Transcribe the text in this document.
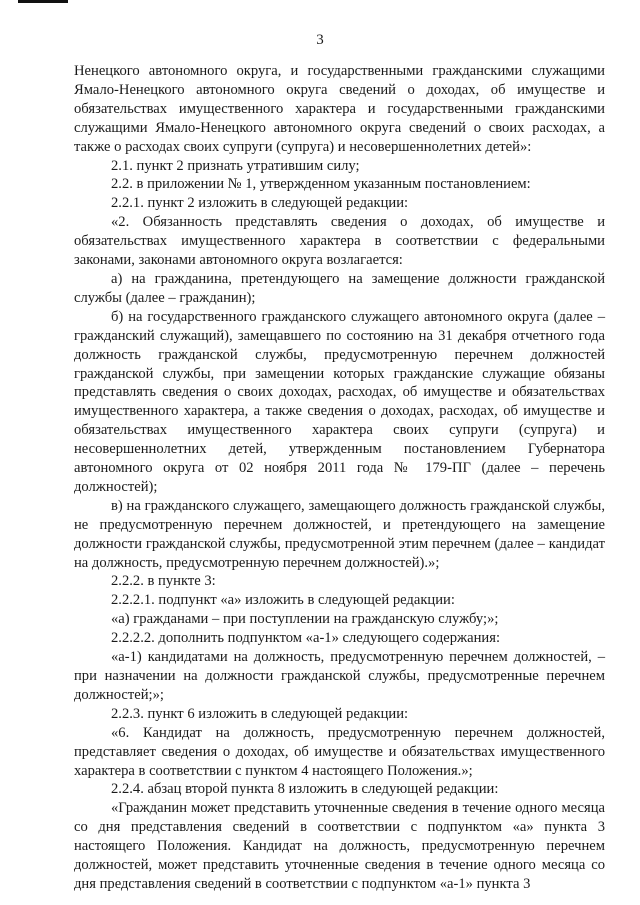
3

Ненецкого автономного округа, и государственными гражданскими служащими Ямало-Ненецкого автономного округа сведений о доходах, об имуществе и обязательствах имущественного характера и государственными гражданскими служащими Ямало-Ненецкого автономного округа сведений о своих расходах, а также о расходах своих супруги (супруга) и несовершеннолетних детей»:

2.1. пункт 2 признать утратившим силу;

2.2. в приложении № 1, утвержденном указанным постановлением:

2.2.1. пункт 2 изложить в следующей редакции:

«2. Обязанность представлять сведения о доходах, об имуществе и обязательствах имущественного характера в соответствии с федеральными законами, законами автономного округа возлагается:

а) на гражданина, претендующего на замещение должности гражданской службы (далее – гражданин);

б) на государственного гражданского служащего автономного округа (далее – гражданский служащий), замещавшего по состоянию на 31 декабря отчетного года должность гражданской службы, предусмотренную перечнем должностей гражданской службы, при замещении которых гражданские служащие обязаны представлять сведения о своих доходах, расходах, об имуществе и обязательствах имущественного характера, а также сведения о доходах, расходах, об имуществе и обязательствах имущественного характера своих супруги (супруга) и несовершеннолетних детей, утвержденным постановлением Губернатора автономного округа от 02 ноября 2011 года № 179-ПГ (далее – перечень должностей);

в) на гражданского служащего, замещающего должность гражданской службы, не предусмотренную перечнем должностей, и претендующего на замещение должности гражданской службы, предусмотренной этим перечнем (далее – кандидат на должность, предусмотренную перечнем должностей).»;

2.2.2. в пункте 3:

2.2.2.1. подпункт «а» изложить в следующей редакции:

«а) гражданами – при поступлении на гражданскую службу;»;

2.2.2.2. дополнить подпунктом «а-1» следующего содержания:

«а-1) кандидатами на должность, предусмотренную перечнем должностей, – при назначении на должности гражданской службы, предусмотренные перечнем должностей;»;

2.2.3. пункт 6 изложить в следующей редакции:

«6. Кандидат на должность, предусмотренную перечнем должностей, представляет сведения о доходах, об имуществе и обязательствах имущественного характера в соответствии с пунктом 4 настоящего Положения.»;

2.2.4. абзац второй пункта 8 изложить в следующей редакции:

«Гражданин может представить уточненные сведения в течение одного месяца со дня представления сведений в соответствии с подпунктом «а» пункта 3 настоящего Положения. Кандидат на должность, предусмотренную перечнем должностей, может представить уточненные сведения в течение одного месяца со дня представления сведений в соответствии с подпунктом «а-1» пункта 3
